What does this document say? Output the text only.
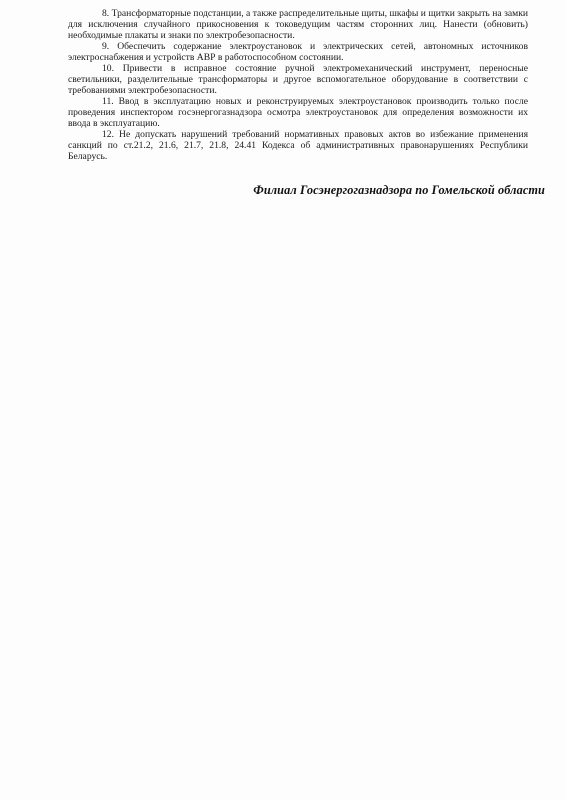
8. Трансформаторные подстанции, а также распределительные щиты, шкафы и щитки закрыть на замки для исключения случайного прикосновения к токоведущим частям сторонних лиц. Нанести (обновить) необходимые плакаты и знаки по электробезопасности.

9. Обеспечить содержание электроустановок и электрических сетей, автономных источников электроснабжения и устройств АВР в работоспособном состоянии.

10. Привести в исправное состояние ручной электромеханический инструмент, переносные светильники, разделительные трансформаторы и другое вспомогательное оборудование в соответствии с требованиями электробезопасности.

11. Ввод в эксплуатацию новых и реконструируемых электроустановок производить только после проведения инспектором госэнергогазнадзора осмотра электроустановок для определения возможности их ввода в эксплуатацию.

12. Не допускать нарушений требований нормативных правовых актов во избежание применения санкций по ст.21.2, 21.6, 21.7, 21.8, 24.41 Кодекса об административных правонарушениях Республики Беларусь.

Филиал Госэнергогазнадзора по Гомельской области
